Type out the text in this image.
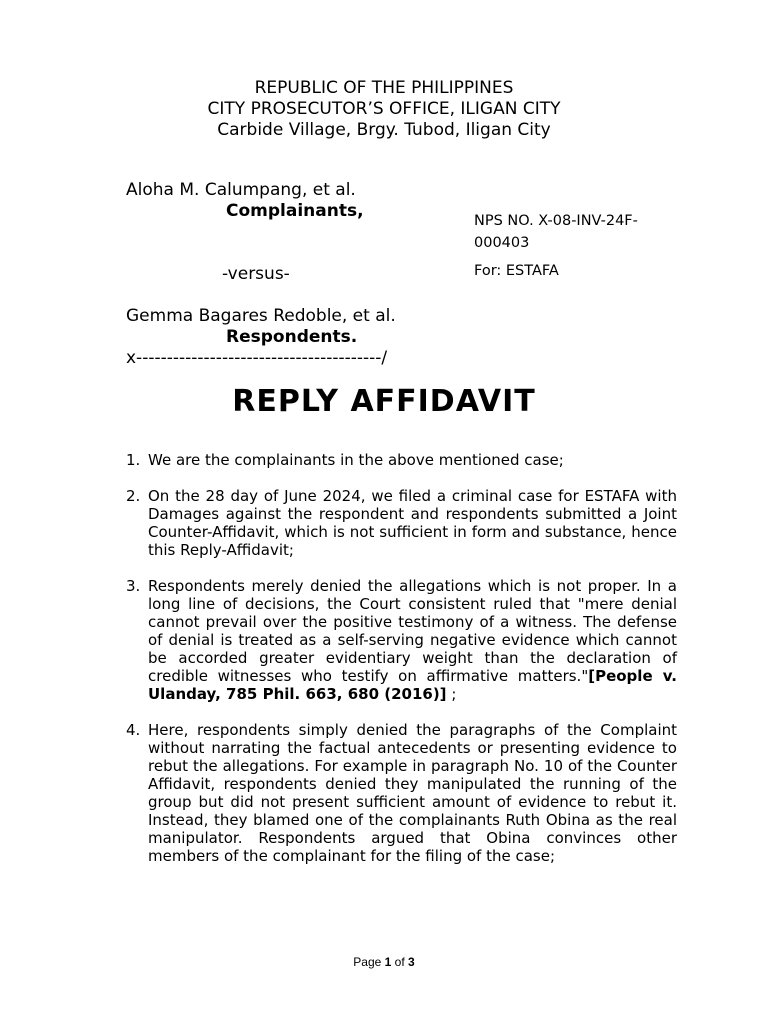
REPUBLIC OF THE PHILIPPINES
CITY PROSECUTOR’S OFFICE, ILIGAN CITY
Carbide Village, Brgy. Tubod, Iligan City
Aloha M. Calumpang, et al.
Complainants,
-versus-
Gemma Bagares Redoble, et al.
Respondents.
x----------------------------------------/
NPS NO. X-08-INV-24F-
000403
For: ESTAFA
REPLY AFFIDAVIT
1. We are the complainants in the above mentioned case;
2. On the 28 day of June 2024, we filed a criminal case for ESTAFA with Damages against the respondent and respondents submitted a Joint Counter-Affidavit, which is not sufficient in form and substance, hence this Reply-Affidavit;
3. Respondents merely denied the allegations which is not proper. In a long line of decisions, the Court consistent ruled that "mere denial cannot prevail over the positive testimony of a witness. The defense of denial is treated as a self-serving negative evidence which cannot be accorded greater evidentiary weight than the declaration of credible witnesses who testify on affirmative matters."[People v. Ulanday, 785 Phil. 663, 680 (2016)] ;
4. Here, respondents simply denied the paragraphs of the Complaint without narrating the factual antecedents or presenting evidence to rebut the allegations. For example in paragraph No. 10 of the Counter Affidavit, respondents denied they manipulated the running of the group but did not present sufficient amount of evidence to rebut it. Instead, they blamed one of the complainants Ruth Obina as the real manipulator. Respondents argued that Obina convinces other members of the complainant for the filing of the case;
Page 1 of 3
